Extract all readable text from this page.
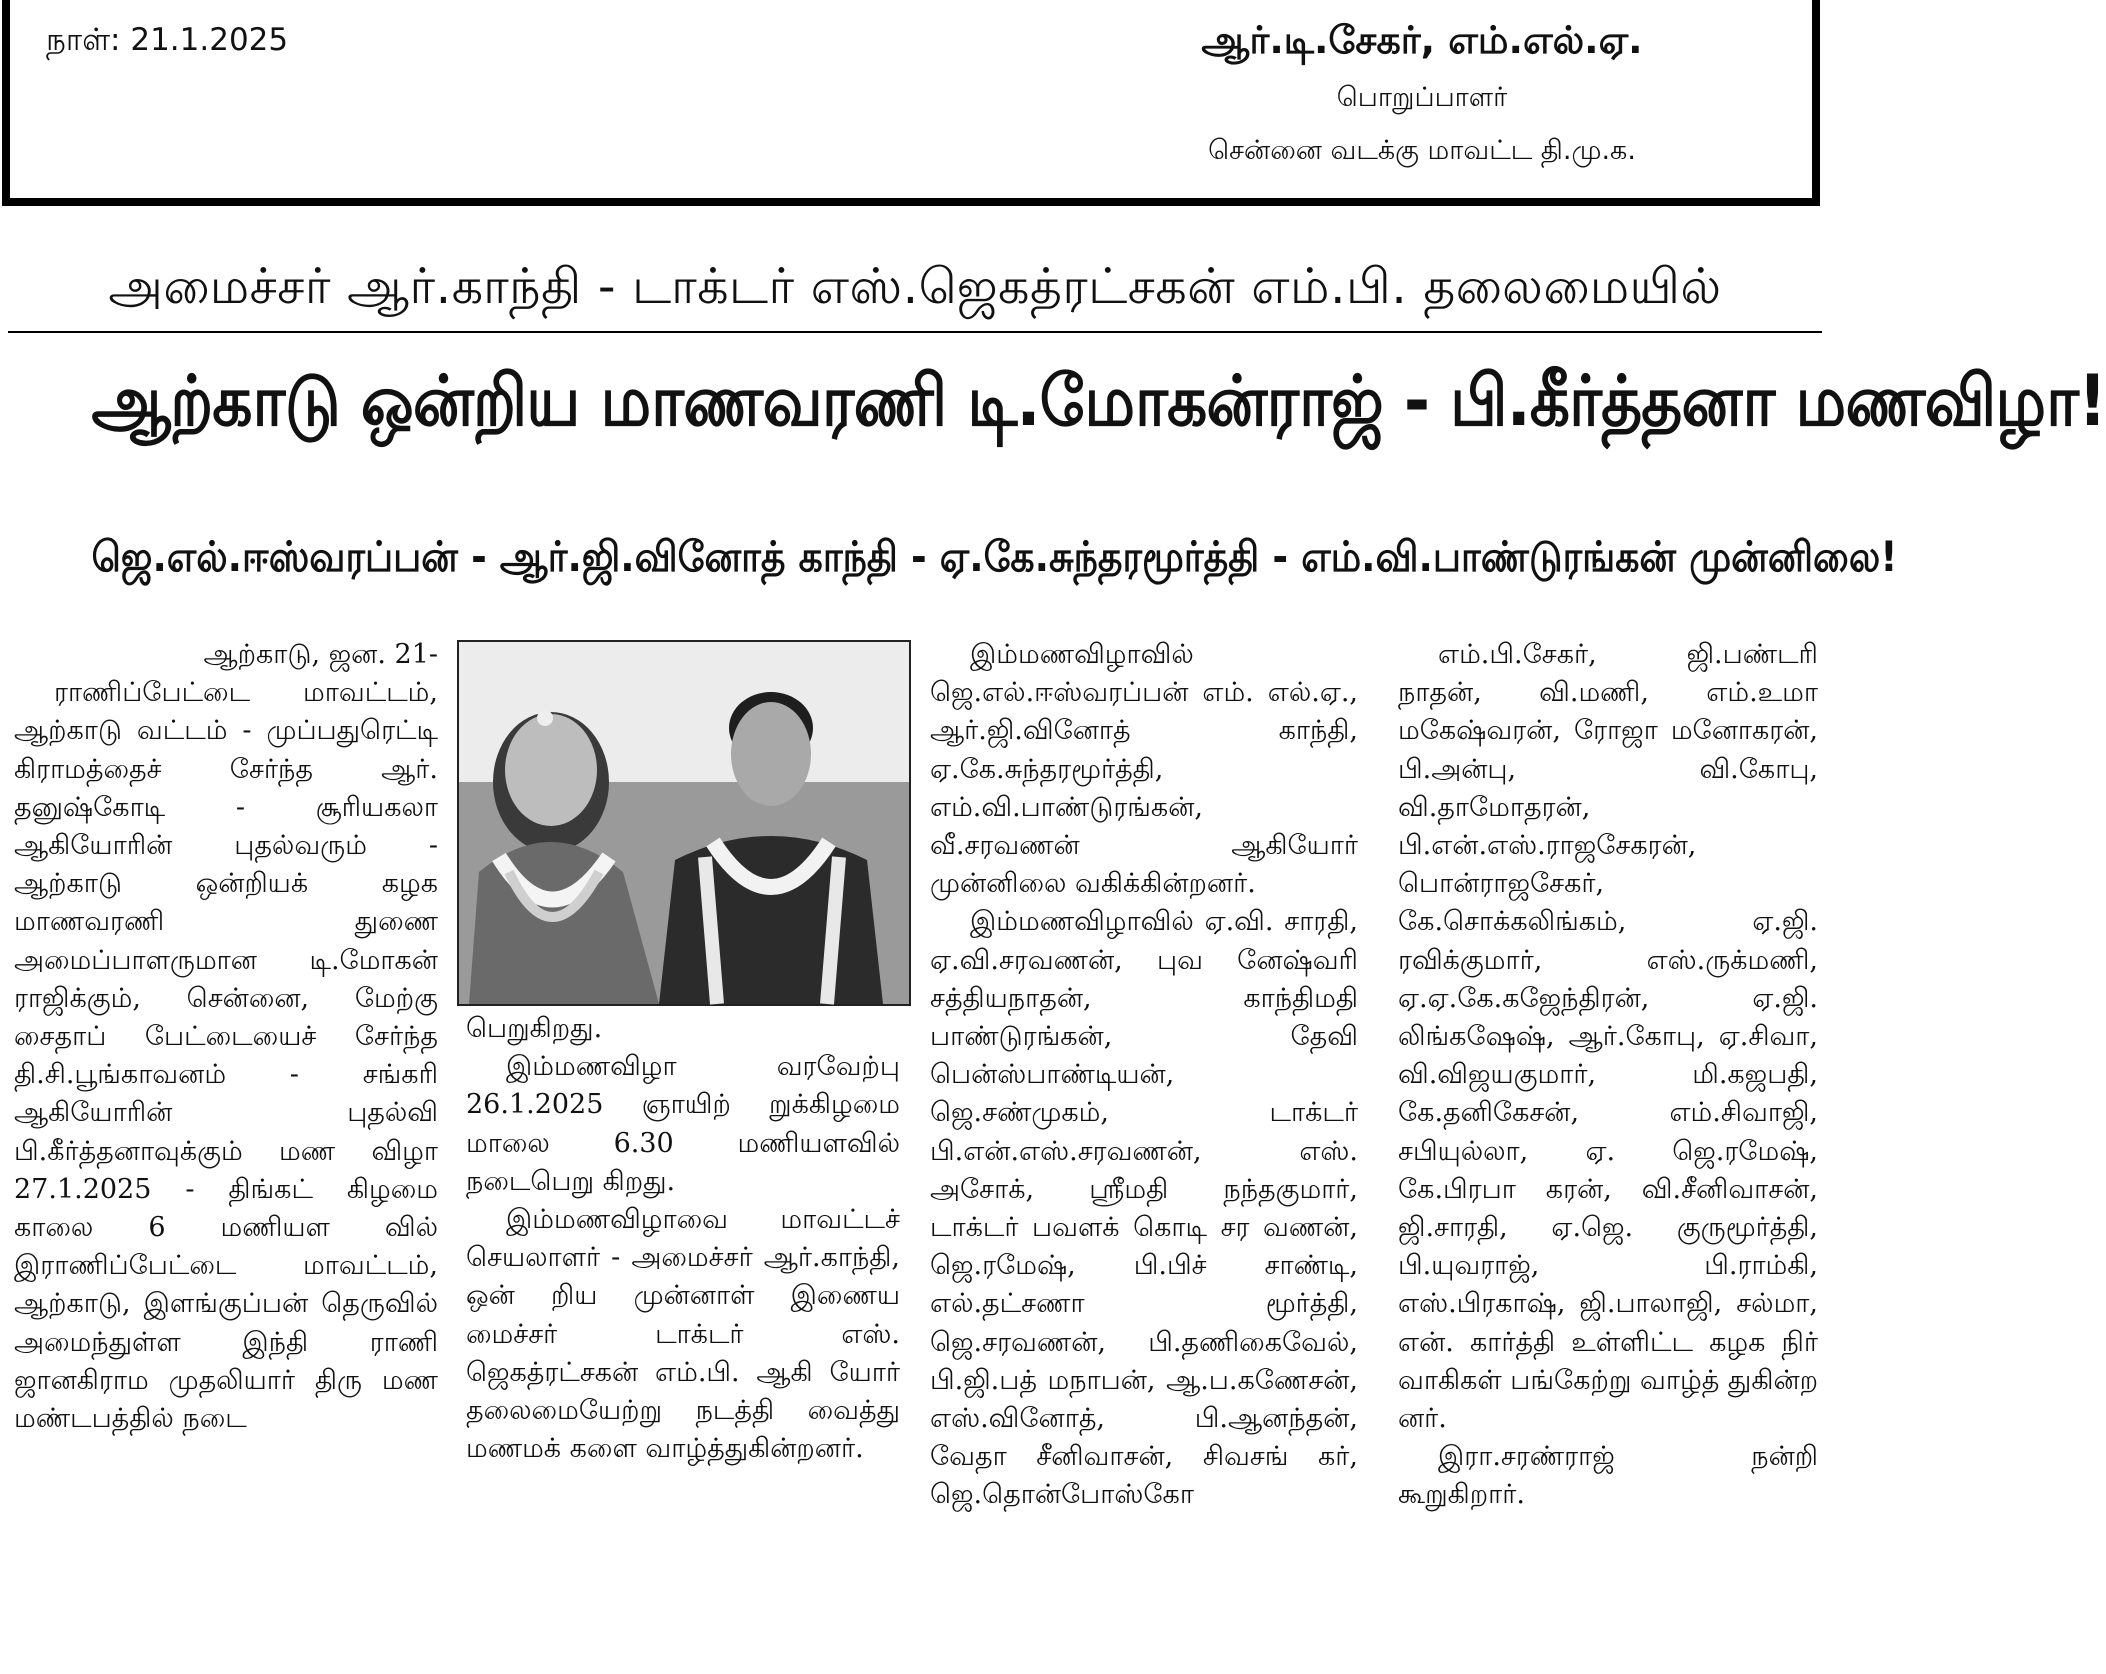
நாள்: 21.1.2025	ஆர்.டி.சேகர், எம்.எல்.ஏ.
பொறுப்பாளர்
சென்னை வடக்கு மாவட்ட தி.மு.க.
அமைச்சர் ஆர்.காந்தி - டாக்டர் எஸ்.ஜெகத்ரட்சகன் எம்.பி. தலைமையில்
ஆற்காடு ஒன்றிய மாணவரணி டி.மோகன்ராஜ் - பி.கீர்த்தனா மணவிழா!
ஜெ.எல்.ஈஸ்வரப்பன் - ஆர்.ஜி.வினோத் காந்தி - ஏ.கே.சுந்தரமூர்த்தி - எம்.வி.பாண்டுரங்கன் முன்னிலை!

ஆற்காடு, ஜன. 21-

ராணிப்பேட்டை மாவட்டம், ஆற்காடு வட்டம் - முப்பதுரெட்டி கிராமத்தைச் சேர்ந்த ஆர். தனுஷ்கோடி - சூரியகலா ஆகியோரின் புதல்வரும் - ஆற்காடு ஒன்றியக் கழக மாணவரணி துணை அமைப்பாளருமான டி.மோகன் ராஜிக்கும், சென்னை, மேற்கு சைதாப் பேட்டையைச் சேர்ந்த தி.சி.பூங்காவனம் - சங்கரி ஆகியோரின் புதல்வி பி.கீர்த்தனாவுக்கும் மண விழா 27.1.2025 - திங்கட் கிழமை காலை 6 மணியள வில் இராணிப்பேட்டை மாவட்டம், ஆற்காடு, இளங்குப்பன் தெருவில் அமைந்துள்ள இந்தி ராணி ஜானகிராம முதலியார் திரு மண மண்டபத்தில் நடை

பெறுகிறது.

இம்மணவிழா வரவேற்பு 26.1.2025 ஞாயிற் றுக்கிழமை மாலை 6.30 மணியளவில் நடைபெறு கிறது.

இம்மணவிழாவை மாவட்டச் செயலாளர் - அமைச்சர் ஆர்.காந்தி, ஒன் றிய முன்னாள் இணைய மைச்சர் டாக்டர் எஸ். ஜெகத்ரட்சகன் எம்.பி. ஆகி யோர் தலைமையேற்று நடத்தி வைத்து மணமக் களை வாழ்த்துகின்றனர்.

இம்மணவிழாவில் ஜெ.எல்.ஈஸ்வரப்பன் எம். எல்.ஏ., ஆர்.ஜி.வினோத் காந்தி, ஏ.கே.சுந்தரமூர்த்தி, எம்.வி.பாண்டுரங்கன், வீ.சரவணன் ஆகியோர் முன்னிலை வகிக்கின்றனர்.

இம்மணவிழாவில் ஏ.வி. சாரதி, ஏ.வி.சரவணன், புவ னேஷ்வரி சத்தியநாதன், காந்திமதி பாண்டுரங்கன், தேவி பென்ஸ்பாண்டியன், ஜெ.சண்முகம், டாக்டர் பி.என்.எஸ்.சரவணன், எஸ். அசோக், ஸ்ரீமதி நந்தகுமார், டாக்டர் பவளக் கொடி சர வணன், ஜெ.ரமேஷ், பி.பிச் சாண்டி, எல்.தட்சணா மூர்த்தி, ஜெ.சரவணன், பி.தணிகைவேல், பி.ஜி.பத் மநாபன், ஆ.ப.கணேசன், எஸ்.வினோத், பி.ஆனந்தன், வேதா சீனிவாசன், சிவசங் கர், ஜெ.தொன்போஸ்கோ

எம்.பி.சேகர், ஜி.பண்டரி நாதன், வி.மணி, எம்.உமா மகேஷ்வரன், ரோஜா மனோகரன், பி.அன்பு, வி.கோபு, வி.தாமோதரன், பி.என்.எஸ்.ராஜசேகரன், பொன்ராஜசேகர், கே.சொக்கலிங்கம், ஏ.ஜி. ரவிக்குமார், எஸ்.ருக்மணி, ஏ.ஏ.கே.கஜேந்திரன், ஏ.ஜி. லிங்கஷேஷ், ஆர்.கோபு, ஏ.சிவா, வி.விஜயகுமார், மி.கஜபதி, கே.தனிகேசன், எம்.சிவாஜி, சபியுல்லா, ஏ. ஜெ.ரமேஷ், கே.பிரபா கரன், வி.சீனிவாசன், ஜி.சாரதி, ஏ.ஜெ. குருமூர்த்தி, பி.யுவராஜ், பி.ராம்கி, எஸ்.பிரகாஷ், ஜி.பாலாஜி, சல்மா, என். கார்த்தி உள்ளிட்ட கழக நிர் வாகிகள் பங்கேற்று வாழ்த் துகின்ற னர்.

இரா.சரண்ராஜ் நன்றி கூறுகிறார்.
